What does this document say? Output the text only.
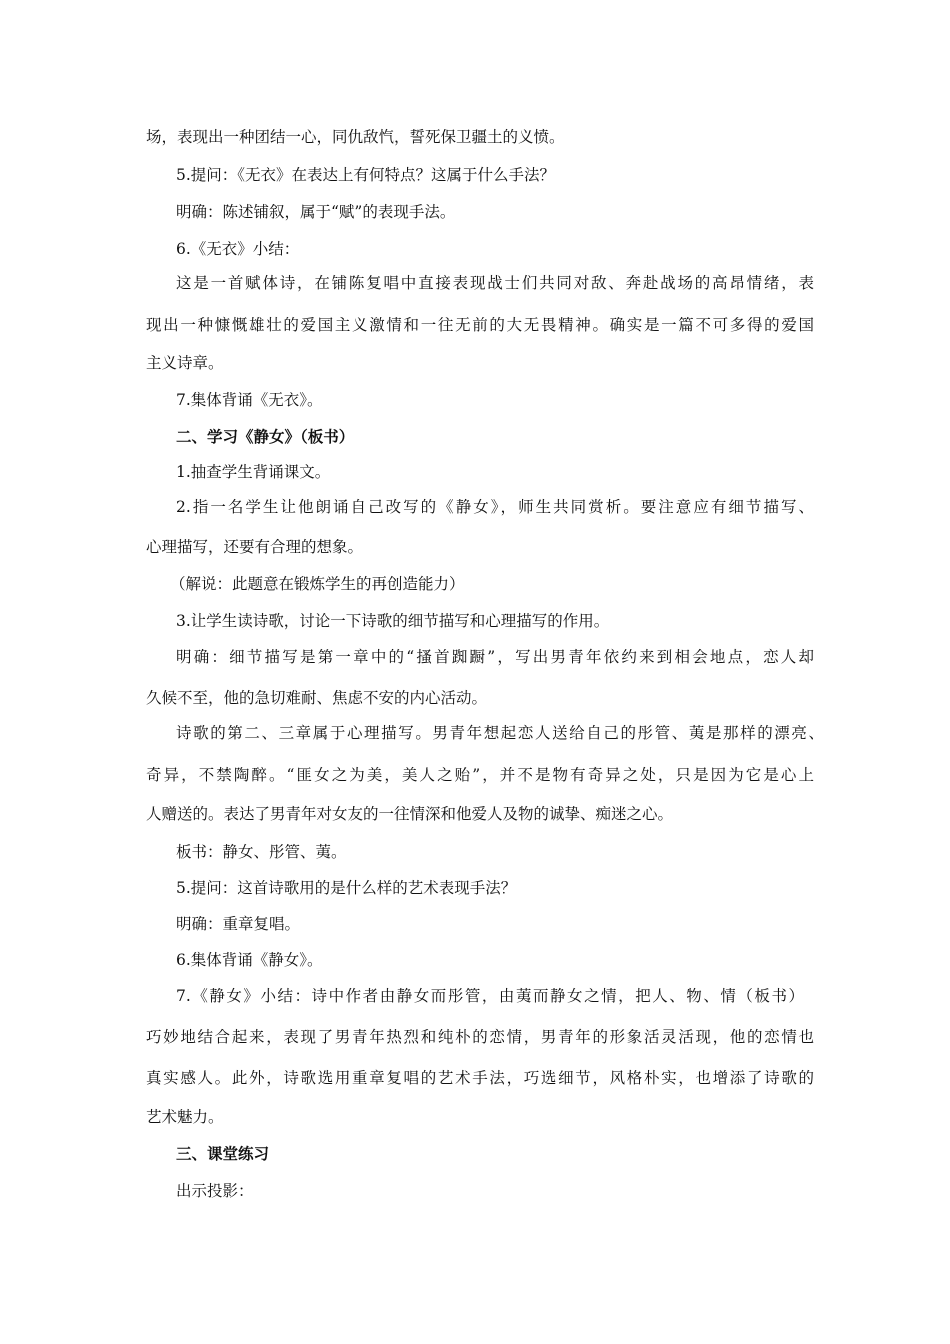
场，表现出一种团结一心，同仇敌忾，誓死保卫疆土的义愤。
5.提问：《无衣》在表达上有何特点？这属于什么手法？
明确：陈述铺叙，属于“赋”的表现手法。
6.《无衣》小结：
这是一首赋体诗，在铺陈复唱中直接表现战士们共同对敌、奔赴战场的高昂情绪，表
现出一种慷慨雄壮的爱国主义激情和一往无前的大无畏精神。确实是一篇不可多得的爱国
主义诗章。
7.集体背诵《无衣》。
二、学习《静女》（板书）
1.抽查学生背诵课文。
2.指一名学生让他朗诵自己改写的《静女》，师生共同赏析。要注意应有细节描写、
心理描写，还要有合理的想象。
（解说：此题意在锻炼学生的再创造能力）
3.让学生读诗歌，讨论一下诗歌的细节描写和心理描写的作用。
明确：细节描写是第一章中的“搔首踟蹰”，写出男青年依约来到相会地点，恋人却
久候不至，他的急切难耐、焦虑不安的内心活动。
诗歌的第二、三章属于心理描写。男青年想起恋人送给自己的彤管、荑是那样的漂亮、
奇异，不禁陶醉。“匪女之为美，美人之贻”，并不是物有奇异之处，只是因为它是心上
人赠送的。表达了男青年对女友的一往情深和他爱人及物的诚挚、痴迷之心。
板书：静女、彤管、荑。
5.提问：这首诗歌用的是什么样的艺术表现手法？
明确：重章复唱。
6.集体背诵《静女》。
7.《静女》小结：诗中作者由静女而彤管，由荑而静女之情，把人、物、情（板书）
巧妙地结合起来，表现了男青年热烈和纯朴的恋情，男青年的形象活灵活现，他的恋情也
真实感人。此外，诗歌选用重章复唱的艺术手法，巧选细节，风格朴实，也增添了诗歌的
艺术魅力。
三、课堂练习
出示投影：
